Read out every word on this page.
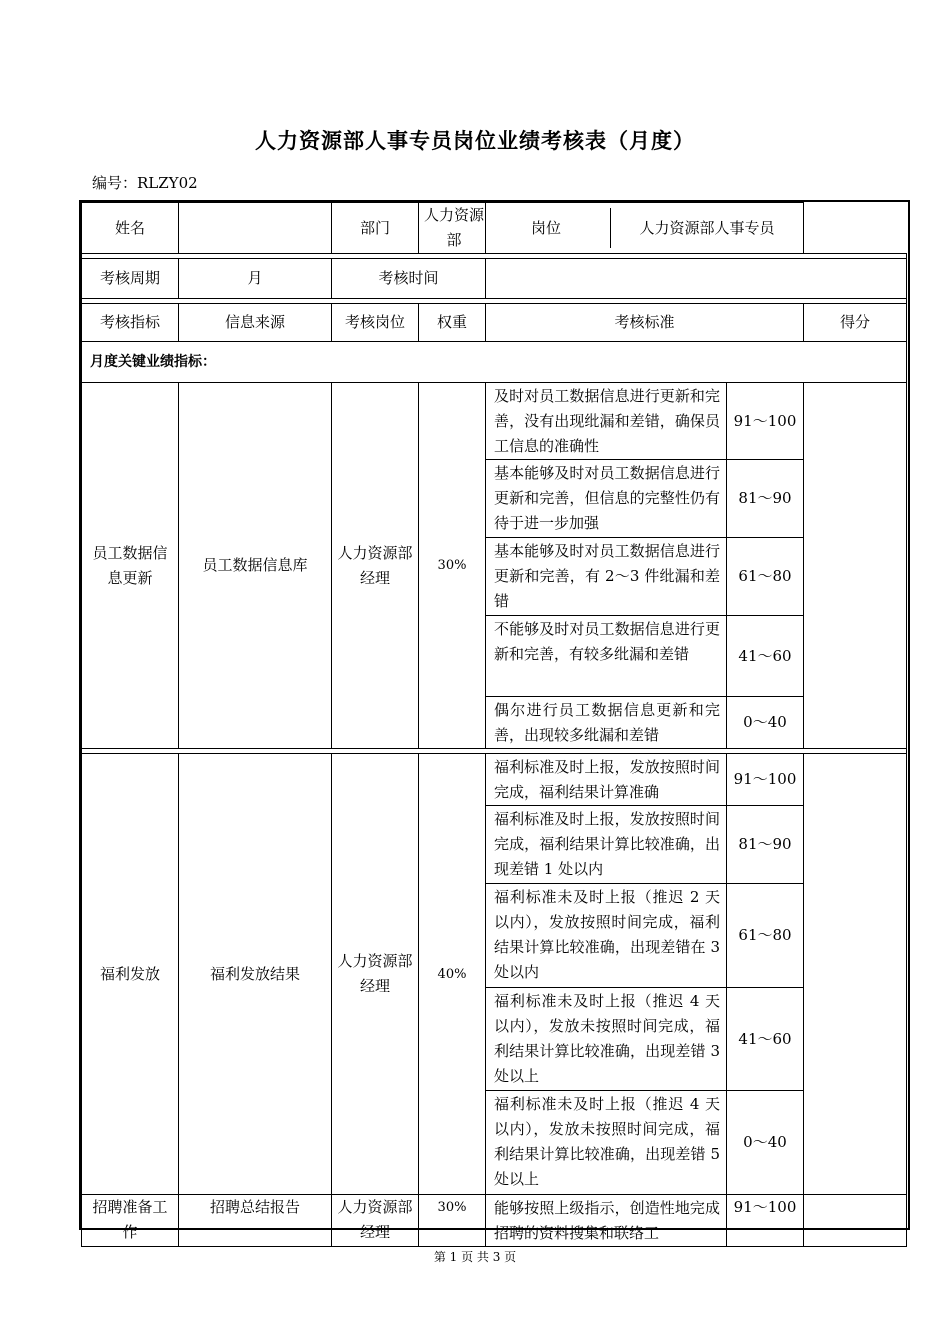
人力资源部人事专员岗位业绩考核表（月度）
编号：RLZY02
姓名		部门	人力资源部	岗位 人力资源部人事专员		

考核周期	月	考核时间				

考核指标	信息来源	考核岗位	权重	考核标准		得分
月度关键业绩指标：						
员工数据信息更新	员工数据信息库	人力资源部经理	30%	及时对员工数据信息进行更新和完善，没有出现纰漏和差错，确保员工信息的准确性	91～100	
				基本能够及时对员工数据信息进行更新和完善，但信息的完整性仍有待于进一步加强	81～90	
				基本能够及时对员工数据信息进行更新和完善，有 2～3 件纰漏和差错	61～80	
				不能够及时对员工数据信息进行更新和完善，有较多纰漏和差错	41～60	
				偶尔进行员工数据信息更新和完善，出现较多纰漏和差错	0～40	

福利发放	福利发放结果	人力资源部经理	40%	福利标准及时上报，发放按照时间完成，福利结果计算准确	91～100	
				福利标准及时上报，发放按照时间完成，福利结果计算比较准确，出现差错 1 处以内	81～90	
				福利标准未及时上报（推迟 2 天以内），发放按照时间完成，福利结果计算比较准确，出现差错在 3 处以内	61～80	
				福利标准未及时上报（推迟 4 天以内），发放未按照时间完成，福利结果计算比较准确，出现差错 3 处以上	41～60	
				福利标准未及时上报（推迟 4 天以内），发放未按照时间完成，福利结果计算比较准确，出现差错 5 处以上	0～40	
招聘准备工作	招聘总结报告	人力资源部经理	30%	能够按照上级指示，创造性地完成招聘的资料搜集和联络工	91～100	
第 1 页 共 3 页
